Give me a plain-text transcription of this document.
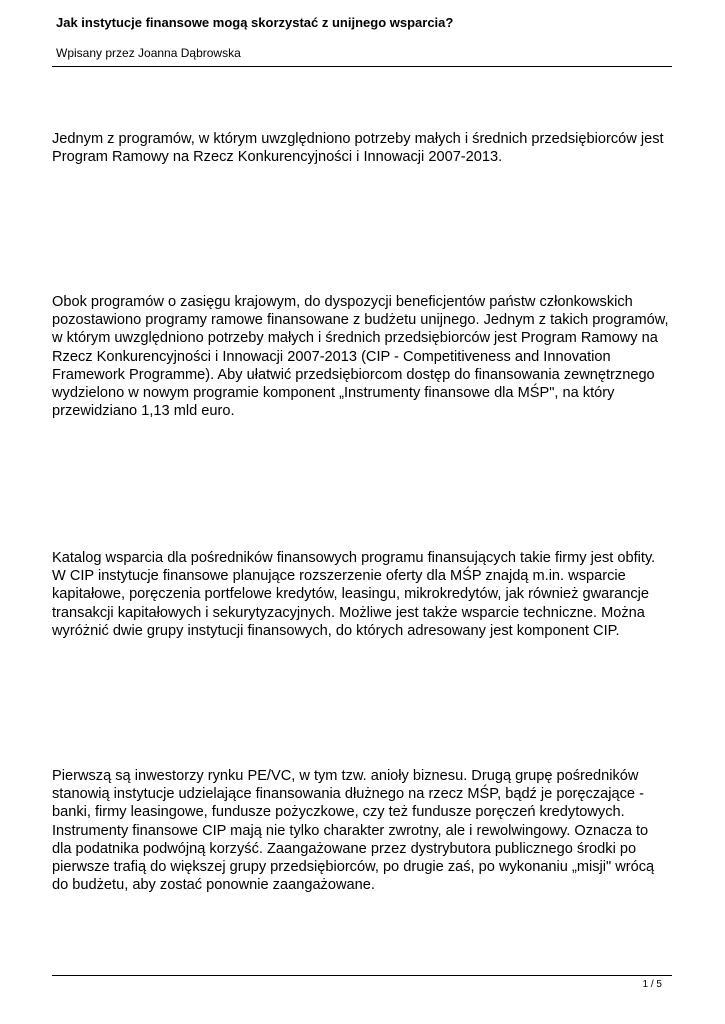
Jak instytucje finansowe mogą skorzystać z unijnego wsparcia?
Wpisany przez Joanna Dąbrowska
Jednym z programów, w którym uwzględniono potrzeby małych i średnich przedsiębiorców jest
Program Ramowy na Rzecz Konkurencyjności i Innowacji 2007-2013.
Obok programów o zasięgu krajowym, do dyspozycji beneficjentów państw członkowskich
pozostawiono programy ramowe finansowane z budżetu unijnego. Jednym z takich programów,
w którym uwzględniono potrzeby małych i średnich przedsiębiorców jest Program Ramowy na
Rzecz Konkurencyjności i Innowacji 2007-2013 (CIP - Competitiveness and Innovation
Framework Programme). Aby ułatwić przedsiębiorcom dostęp do finansowania zewnętrznego
wydzielono w nowym programie komponent „Instrumenty finansowe dla MŚP", na który
przewidziano 1,13 mld euro.
Katalog wsparcia dla pośredników finansowych programu finansujących takie firmy jest obfity.
W CIP instytucje finansowe planujące rozszerzenie oferty dla MŚP znajdą m.in. wsparcie
kapitałowe, poręczenia portfelowe kredytów, leasingu, mikrokredytów, jak również gwarancje
transakcji kapitałowych i sekurytyzacyjnych. Możliwe jest także wsparcie techniczne. Można
wyróżnić dwie grupy instytucji finansowych, do których adresowany jest komponent CIP.
Pierwszą są inwestorzy rynku PE/VC, w tym tzw. anioły biznesu. Drugą grupę pośredników
stanowią instytucje udzielające finansowania dłużnego na rzecz MŚP, bądź je poręczające -
banki, firmy leasingowe, fundusze pożyczkowe, czy też fundusze poręczeń kredytowych.
Instrumenty finansowe CIP mają nie tylko charakter zwrotny, ale i rewolwingowy. Oznacza to
dla podatnika podwójną korzyść. Zaangażowane przez dystrybutora publicznego środki po
pierwsze trafią do większej grupy przedsiębiorców, po drugie zaś, po wykonaniu „misji" wrócą
do budżetu, aby zostać ponownie zaangażowane.
1 / 5
